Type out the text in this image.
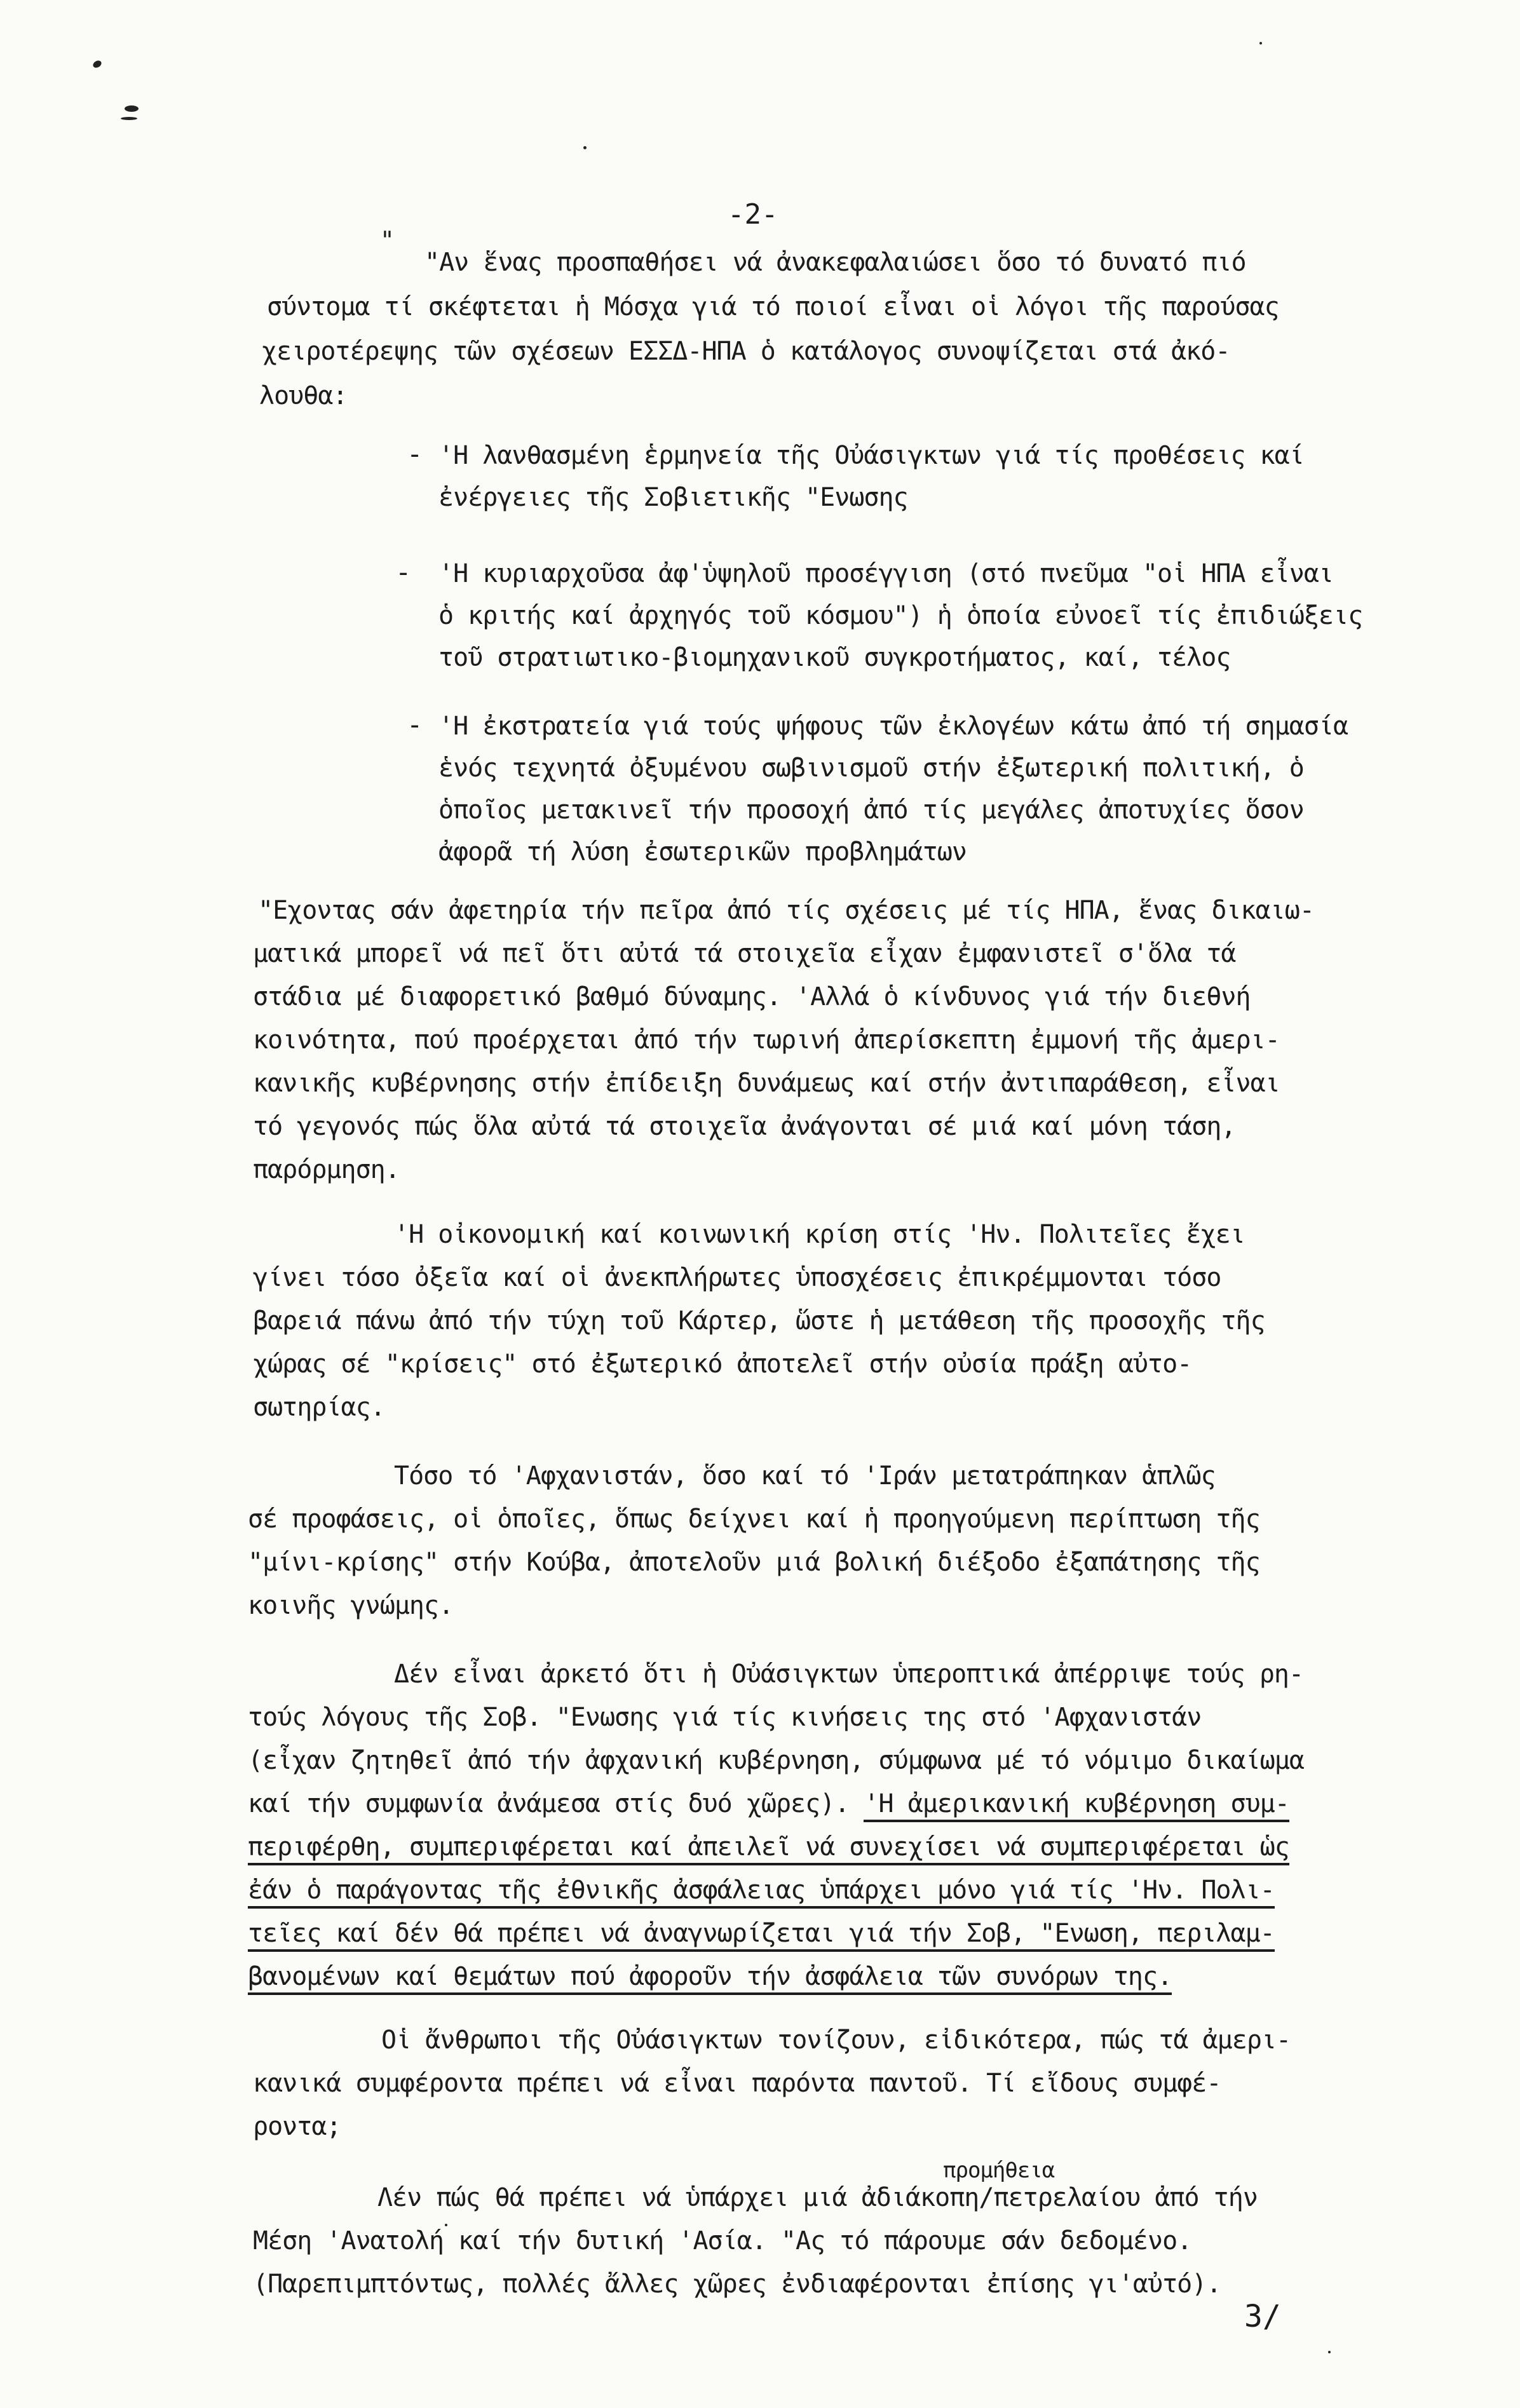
-2-
"
"Αν ἕνας προσπαθήσει νά ἀνακεφαλαιώσει ὅσο τό δυνατό πιό
σύντομα τί σκέφτεται ἡ Μόσχα γιά τό ποιοί εἶναι οἱ λόγοι τῆς παρούσας
χειροτέρεψης τῶν σχέσεων ΕΣΣΔ-ΗΠΑ ὁ κατάλογος συνοψίζεται στά ἀκό-
λουθα:
- 'Η λανθασμένη ἑρμηνεία τῆς Οὐάσιγκτων γιά τίς προθέσεις καί
ἐνέργειες τῆς Σοβιετικῆς "Ενωσης
- 'Η κυριαρχοῦσα ἀφ'ὑψηλοῦ προσέγγιση (στό πνεῦμα "οἱ ΗΠΑ εἶναι
ὁ κριτής καί ἀρχηγός τοῦ κόσμου") ἡ ὁποία εὐνοεῖ τίς ἐπιδιώξεις
τοῦ στρατιωτικο-βιομηχανικοῦ συγκροτήματος, καί, τέλος
- 'Η ἐκστρατεία γιά τούς ψήφους τῶν ἐκλογέων κάτω ἀπό τή σημασία
ἑνός τεχνητά ὀξυμένου σωβινισμοῦ στήν ἐξωτερική πολιτική, ὁ
ὁποῖος μετακινεῖ τήν προσοχή ἀπό τίς μεγάλες ἀποτυχίες ὅσον
ἀφορᾶ τή λύση ἐσωτερικῶν προβλημάτων
"Εχοντας σάν ἀφετηρία τήν πεῖρα ἀπό τίς σχέσεις μέ τίς ΗΠΑ, ἕνας δικαιω-
ματικά μπορεῖ νά πεῖ ὅτι αὐτά τά στοιχεῖα εἶχαν ἐμφανιστεῖ σ'ὅλα τά
στάδια μέ διαφορετικό βαθμό δύναμης. 'Αλλά ὁ κίνδυνος γιά τήν διεθνή
κοινότητα, πού προέρχεται ἀπό τήν τωρινή ἀπερίσκεπτη ἐμμονή τῆς ἀμερι-
κανικῆς κυβέρνησης στήν ἐπίδειξη δυνάμεως καί στήν ἀντιπαράθεση, εἶναι
τό γεγονός πώς ὅλα αὐτά τά στοιχεῖα ἀνάγονται σέ μιά καί μόνη τάση,
παρόρμηση.
'Η οἰκονομική καί κοινωνική κρίση στίς 'Ην. Πολιτεῖες ἔχει
γίνει τόσο ὀξεῖα καί οἱ ἀνεκπλήρωτες ὑποσχέσεις ἐπικρέμμονται τόσο
βαρειά πάνω ἀπό τήν τύχη τοῦ Κάρτερ, ὥστε ἡ μετάθεση τῆς προσοχῆς τῆς
χώρας σέ "κρίσεις" στό ἐξωτερικό ἀποτελεῖ στήν οὐσία πράξη αὐτο-
σωτηρίας.
Τόσο τό 'Αφχανιστάν, ὅσο καί τό 'Ιράν μετατράπηκαν ἁπλῶς
σέ προφάσεις, οἱ ὁποῖες, ὅπως δείχνει καί ἡ προηγούμενη περίπτωση τῆς
"μίνι-κρίσης" στήν Κούβα, ἀποτελοῦν μιά βολική διέξοδο ἐξαπάτησης τῆς
κοινῆς γνώμης.
Δέν εἶναι ἀρκετό ὅτι ἡ Οὐάσιγκτων ὑπεροπτικά ἀπέρριψε τούς ρη-
τούς λόγους τῆς Σοβ. "Ενωσης γιά τίς κινήσεις της στό 'Αφχανιστάν
(εἶχαν ζητηθεῖ ἀπό τήν ἀφχανική κυβέρνηση, σύμφωνα μέ τό νόμιμο δικαίωμα
καί τήν συμφωνία ἀνάμεσα στίς δυό χῶρες). 'Η ἀμερικανική κυβέρνηση συμ-
περιφέρθη, συμπεριφέρεται καί ἀπειλεῖ νά συνεχίσει νά συμπεριφέρεται ὡς
ἐάν ὁ παράγοντας τῆς ἐθνικῆς ἀσφάλειας ὑπάρχει μόνο γιά τίς 'Ην. Πολι-
τεῖες καί δέν θά πρέπει νά ἀναγνωρίζεται γιά τήν Σοβ, "Ενωση, περιλαμ-
βανομένων καί θεμάτων πού ἀφοροῦν τήν ἀσφάλεια τῶν συνόρων της.
Οἱ ἄνθρωποι τῆς Οὐάσιγκτων τονίζουν, εἰδικότερα, πώς τά ἀμερι-
κανικά συμφέροντα πρέπει νά εἶναι παρόντα παντοῦ. Τί εἴδους συμφέ-
ροντα;
προμήθεια
Λέν πώς θά πρέπει νά ὑπάρχει μιά ἀδιάκοπη/πετρελαίου ἀπό τήν
Μέση 'Ανατολή καί τήν δυτική 'Ασία. "Ας τό πάρουμε σάν δεδομένο.
(Παρεπιμπτόντως, πολλές ἄλλες χῶρες ἐνδιαφέρονται ἐπίσης γι'αὐτό).
3/
